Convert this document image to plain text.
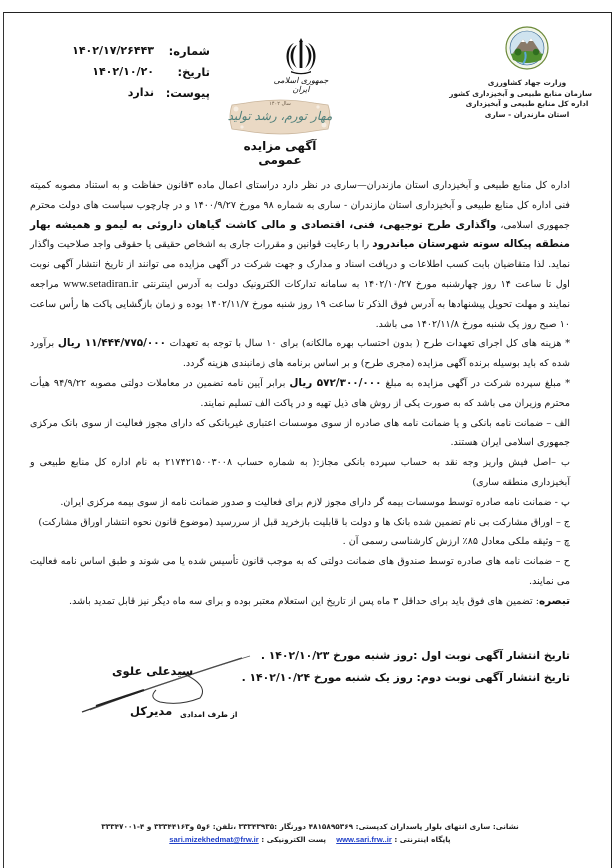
شماره:
۱۴۰۲/۱۷/۲۶۴۴۳
تاریخ:
۱۴۰۲/۱۰/۲۰
پیوست:
ندارد
جمهوری اسلامی ایران
سال ۱۴۰۲
مهار تورم، رشد تولید
آگهی مزایده عمومی
وزارت جهاد کشاورزی
سازمان منابع طبیعی و آبخیزداری کشور
اداره کل منابع طبیعی و آبخیزداری
استان مازندران - ساری

اداره کل منابع طبیعی و آبخیزداری استان مازندران—ساری در نظر دارد دراستای اعمال ماده ۳قانون حفاظت و به استناد مصوبه کمیته فنی اداره کل منابع طبیعی و آبخیزداری استان مازندران - ساری به شماره ۹۸ مورخ ۱۴۰۰/۹/۲۷ و در چارچوب سیاست های دولت محترم جمهوری اسلامی، واگذاری طرح توجیهی، فنی، اقتصادی و مالی کاشت گیاهان داروئی به لیمو و همیشه بهار منطقه پیکاله سوته شهرستان میاندرود را با رعایت قوانین و مقررات جاری به اشخاص حقیقی یا حقوقی واجد صلاحیت واگذار نماید. لذا متقاضیان بابت کسب اطلاعات و دریافت اسناد و مدارک و جهت شرکت در آگهی مزایده می توانند از تاریخ انتشار آگهی نوبت اول تا ساعت ۱۴ روز چهارشنبه مورخ ۱۴۰۲/۱۰/۲۷ به سامانه تدارکات الکترونیک دولت به آدرس اینترنتی www.setadiran.ir مراجعه نمایند و مهلت تحویل پیشنهادها به آدرس فوق الذکر تا ساعت ۱۹ روز شنبه مورخ ۱۴۰۲/۱۱/۷ بوده و زمان بازگشایی پاکت ها رأس ساعت ۱۰ صبح روز یک شنبه مورخ ۱۴۰۲/۱۱/۸ می باشد.

* هزینه های کل اجرای تعهدات طرح ( بدون احتساب بهره مالکانه) برای ۱۰ سال با توجه به تعهدات ۱۱/۴۴۴/۷۷۵/۰۰۰ ریال برآورد شده که باید بوسیله برنده آگهی مزایده (مجری طرح) و بر اساس برنامه های زمانبندی هزینه گردد.

* مبلغ سپرده شرکت در آگهی مزایده به مبلغ ۵۷۲/۳۰۰/۰۰۰ ریال برابر آیین نامه تضمین در معاملات دولتی مصوبه ۹۴/۹/۲۲ هیأت محترم وزیران می باشد که به صورت یکی از روش های ذیل تهیه و در پاکت الف تسلیم نمایند.

الف – ضمانت نامه بانکی و یا ضمانت نامه های صادره از سوی موسسات اعتباری غیربانکی که دارای مجوز فعالیت از سوی بانک مرکزی جمهوری اسلامی ایران هستند.

ب –اصل فیش واریز وجه نقد به حساب سپرده بانکی مجاز:( به شماره حساب ۲۱۷۴۲۱۵۰۰۳۰۰۸ به نام اداره کل منابع طبیعی و آبخیزداری منطقه ساری)

پ - ضمانت نامه صادره توسط موسسات بیمه گر دارای مجوز لازم برای فعالیت و صدور ضمانت نامه از سوی بیمه مرکزی ایران.

ج – اوراق مشارکت بی نام تضمین شده بانک ها و دولت با قابلیت بازخرید قبل از سررسید (موضوع قانون نحوه انتشار اوراق مشارکت)

چ – وثیقه ملکی معادل ۸۵٪ ارزش کارشناسی رسمی آن .

ح – ضمانت نامه های صادره توسط صندوق های ضمانت دولتی که به موجب قانون تأسیس شده یا می شوند و طبق اساس نامه فعالیت می نمایند.

تبصره: تضمین های فوق باید برای حداقل ۳ ماه پس از تاریخ این استعلام معتبر بوده و برای سه ماه دیگر نیز قابل تمدید باشد.

تاریخ انتشار آگهی نوبت اول :روز شنبه مورخ ۱۴۰۲/۱۰/۲۳ .
تاریخ انتشار آگهی نوبت دوم: روز یک شنبه مورخ ۱۴۰۲/۱۰/۲۴ .
سیدعلی علوی
مدیرکل از طرف امدادی
نشانی: ساری انتهای بلوار پاسداران کدپستی: ۴۸۱۵۸۹۵۳۶۹ دورنگار :۳۳۳۴۳۹۳۵ ،تلفن: ۶و۵ و۳۳۳۴۴۱۶۳ و ۴-۳۳۳۴۷۰۰۱
پایگاه اینترنتی : www.sari.frw..ir    پست الکترونیکی : sari.mizekhedmat@frw.ir
